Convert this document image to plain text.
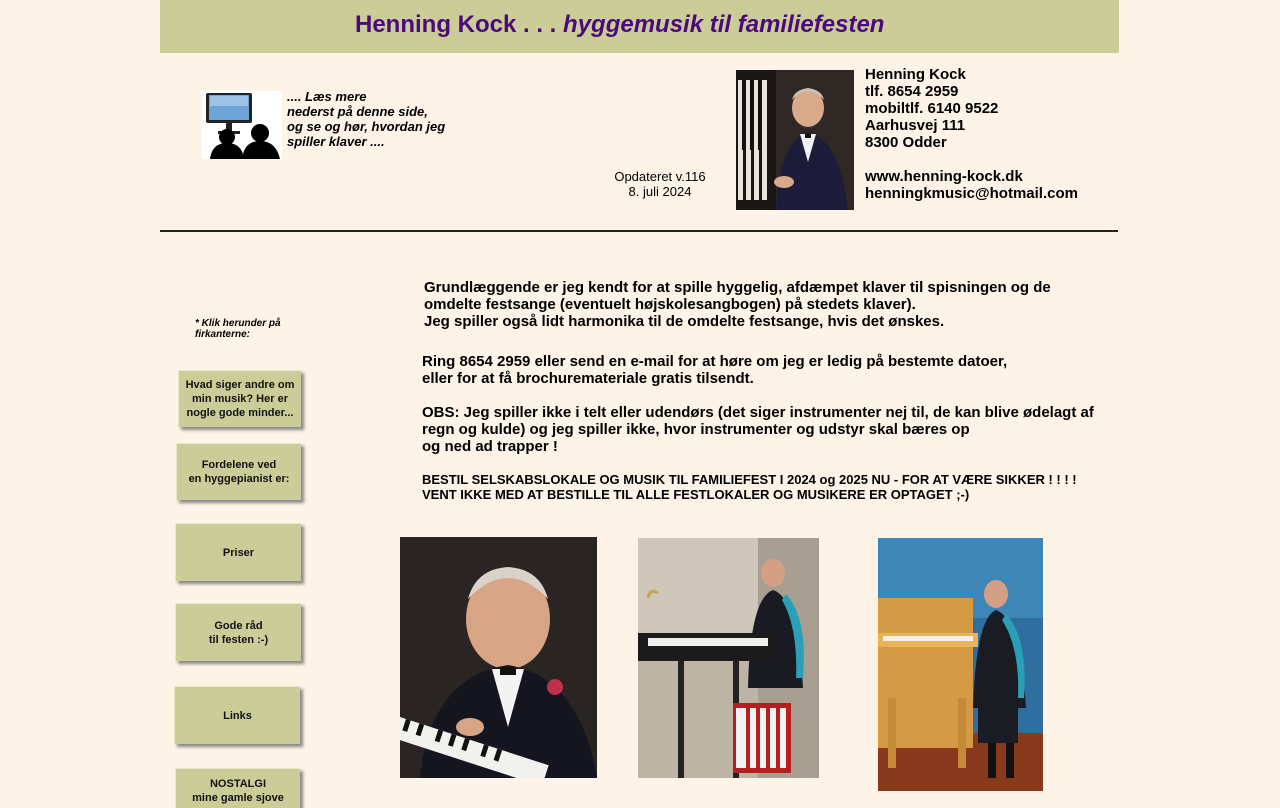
Henning Kock . . . hyggemusik til familiefesten
.... Læs mere
nederst på denne side,
og se og hør, hvordan jeg
spiller klaver ....
Opdateret v.116
8. juli 2024
Henning Kock
tlf. 8654 2959
mobiltlf. 6140 9522
Aarhusvej 111
8300 Odder
www.henning-kock.dk
henningkmusic@hotmail.com
* Klik herunder på firkanterne:
Hvad siger andre om
min musik? Her er
nogle gode minder...
Fordelene ved
en hyggepianist er:
Priser
Gode råd
til festen :-)
Links
NOSTALGI
mine gamle sjove
Grundlæggende er jeg kendt for at spille hyggelig, afdæmpet klaver til spisningen og de
omdelte festsange (eventuelt højskolesangbogen) på stedets klaver).
Jeg spiller også lidt harmonika til de omdelte festsange, hvis det ønskes.
Ring 8654 2959 eller send en e-mail for at høre om jeg er ledig på bestemte datoer,
eller for at få brochuremateriale gratis tilsendt.
OBS: Jeg spiller ikke i telt eller udendørs (det siger instrumenter nej til, de kan blive ødelagt af
regn og kulde) og jeg spiller ikke, hvor instrumenter og udstyr skal bæres op
og ned ad trapper !
BESTIL SELSKABSLOKALE OG MUSIK TIL FAMILIEFEST I 2024 og 2025 NU - FOR AT VÆRE SIKKER ! ! ! !
VENT IKKE MED AT BESTILLE TIL ALLE FESTLOKALER OG MUSIKERE ER OPTAGET ;-)
